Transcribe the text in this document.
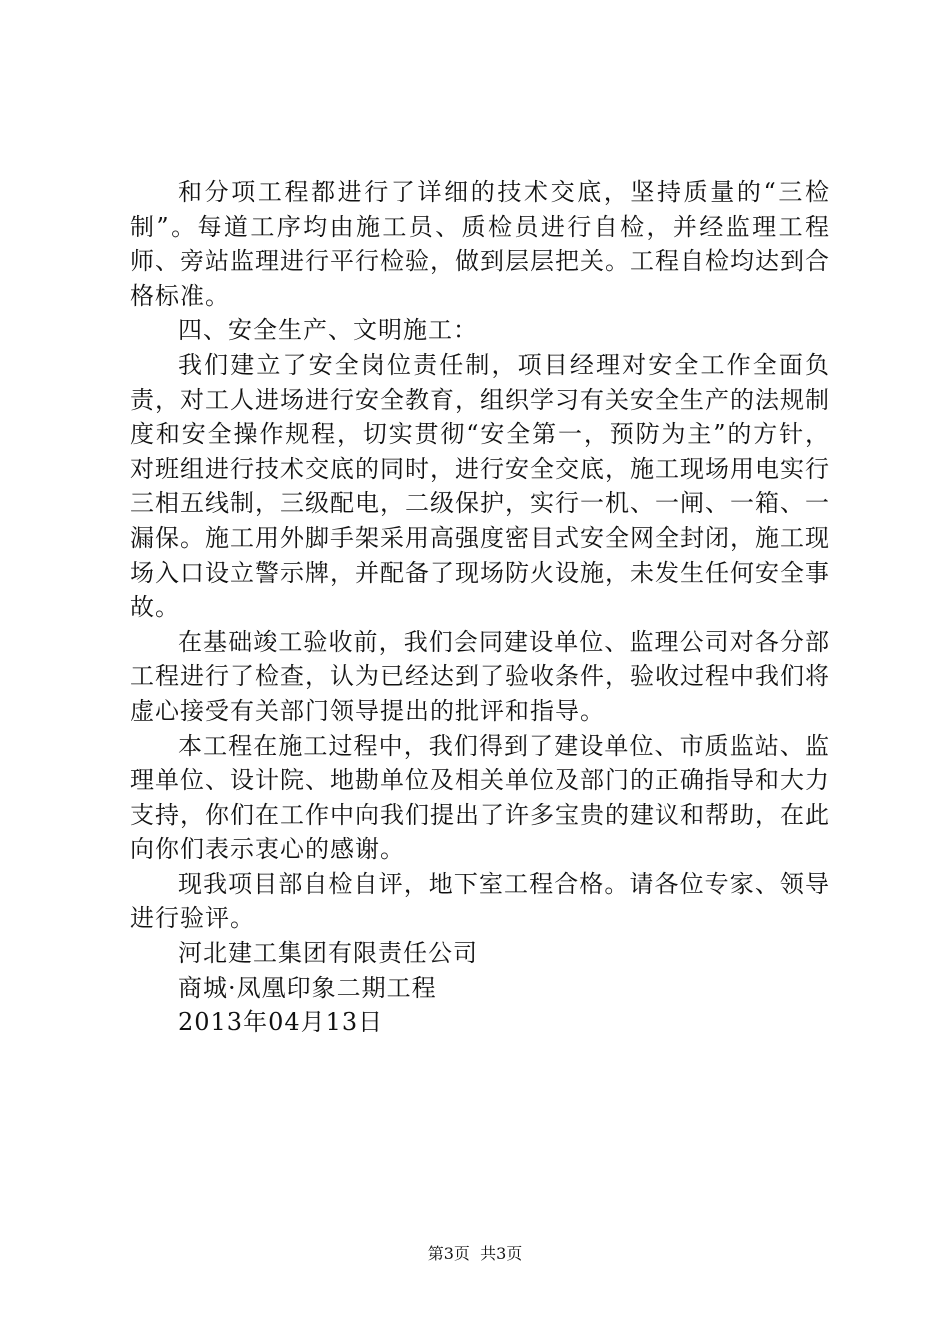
和分项工程都进行了详细的技术交底，坚持质量的“三检制”。每道工序均由施工员、质检员进行自检，并经监理工程师、旁站监理进行平行检验，做到层层把关。工程自检均达到合格标准。

四、安全生产、文明施工：

我们建立了安全岗位责任制，项目经理对安全工作全面负责，对工人进场进行安全教育，组织学习有关安全生产的法规制度和安全操作规程，切实贯彻“安全第一，预防为主”的方针，对班组进行技术交底的同时，进行安全交底，施工现场用电实行三相五线制，三级配电，二级保护，实行一机、一闸、一箱、一漏保。施工用外脚手架采用高强度密目式安全网全封闭，施工现场入口设立警示牌，并配备了现场防火设施，未发生任何安全事故。

在基础竣工验收前，我们会同建设单位、监理公司对各分部工程进行了检查，认为已经达到了验收条件，验收过程中我们将虚心接受有关部门领导提出的批评和指导。

本工程在施工过程中，我们得到了建设单位、市质监站、监理单位、设计院、地勘单位及相关单位及部门的正确指导和大力支持，你们在工作中向我们提出了许多宝贵的建议和帮助，在此向你们表示衷心的感谢。

现我项目部自检自评，地下室工程合格。请各位专家、领导进行验评。

河北建工集团有限责任公司

商城·凤凰印象二期工程

2013年04月13日

第3页  共3页
